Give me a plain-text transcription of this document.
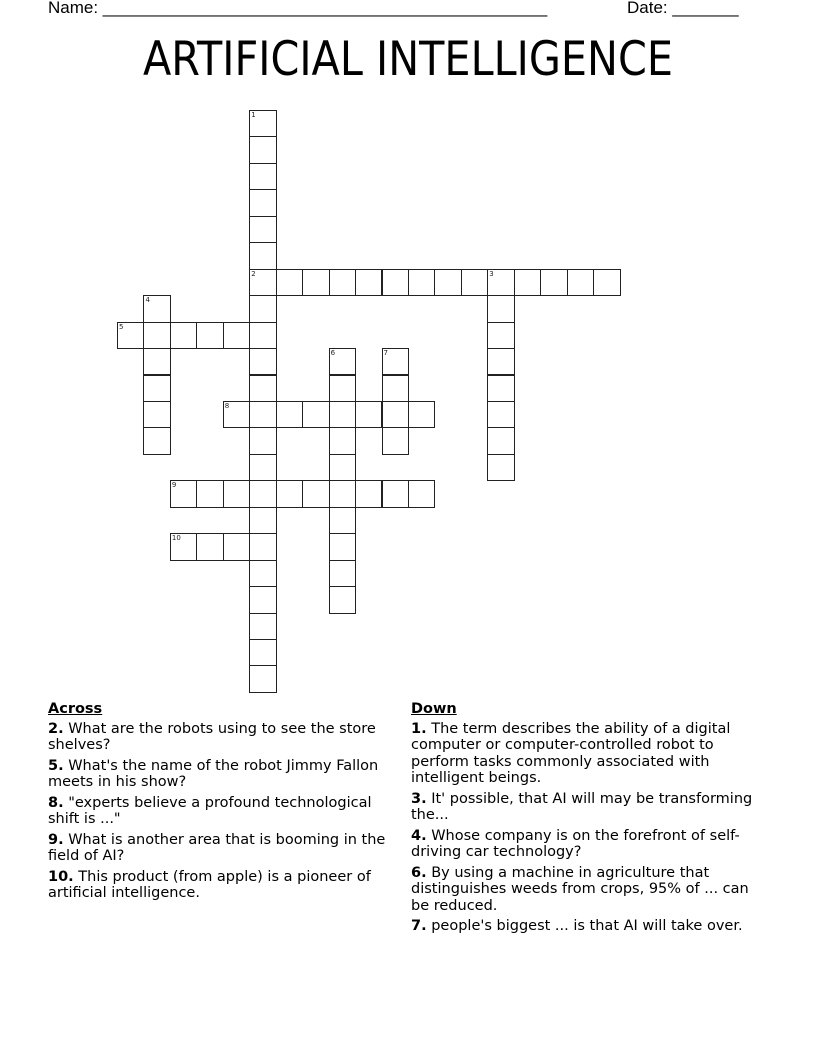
Name: _______________________________________________	Date: _______
ARTIFICIAL INTELLIGENCE
1
2	3
4
5
6	7
8
9
10
Across
2. What are the robots using to see the store shelves?
5. What's the name of the robot Jimmy Fallon meets in his show?
8. "experts believe a profound technological shift is ..."
9. What is another area that is booming in the field of AI?
10. This product (from apple) is a pioneer of artificial intelligence.
Down
1. The term describes the ability of a digital computer or computer-controlled robot to perform tasks commonly associated with intelligent beings.
3. It' possible, that AI will may be transforming the...
4. Whose company is on the forefront of self-driving car technology?
6. By using a machine in agriculture that distinguishes weeds from crops, 95% of ... can be reduced.
7. people's biggest ... is that AI will take over.
